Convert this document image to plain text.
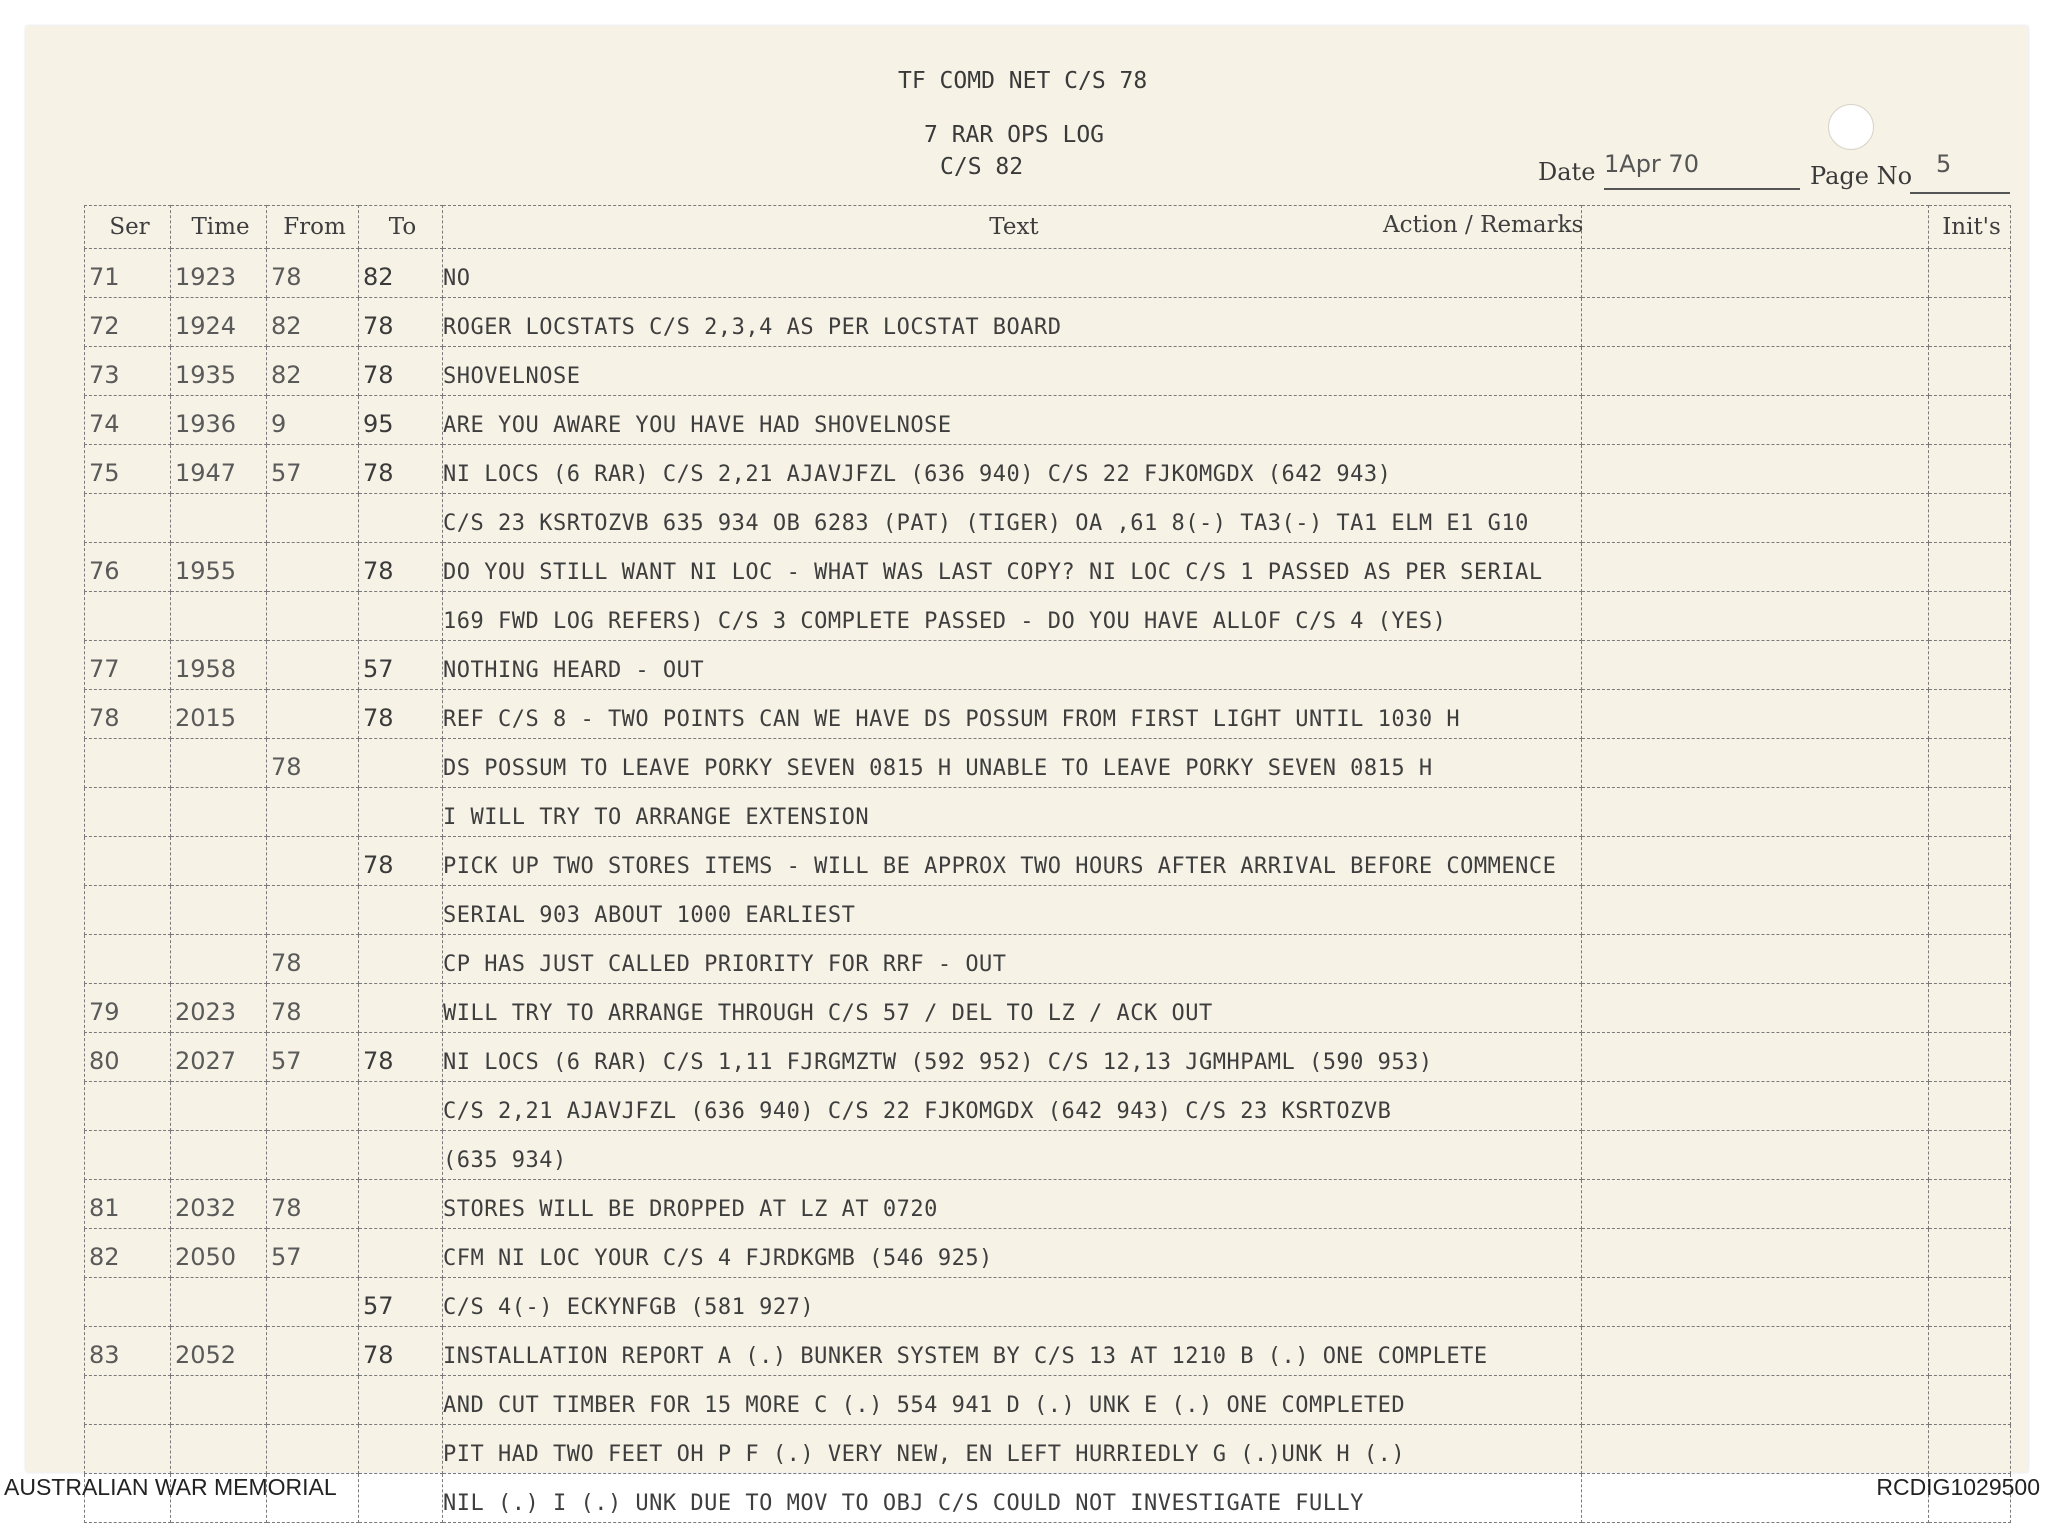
TF COMD NET C/S 78
7 RAR OPS LOG
C/S 82	Date 1Apr 70	Page No 5
Ser	Time	From	To	Text Action / Remarks		Init's
71	1923	78	82	NO		
72	1924	82	78	ROGER LOCSTATS C/S 2,3,4 AS PER LOCSTAT BOARD		
73	1935	82	78	SHOVELNOSE		
74	1936	9	95	ARE YOU AWARE YOU HAVE HAD SHOVELNOSE		
75	1947	57	78	NI LOCS (6 RAR) C/S 2,21 AJAVJFZL (636 940) C/S 22 FJKOMGDX (642 943)		
				C/S 23 KSRTOZVB 635 934 OB 6283 (PAT) (TIGER) OA ,61 8(-) TA3(-) TA1 ELM E1 G10		
76	1955		78	DO YOU STILL WANT NI LOC - WHAT WAS LAST COPY? NI LOC C/S 1 PASSED AS PER SERIAL		
				169 FWD LOG REFERS) C/S 3 COMPLETE PASSED - DO YOU HAVE ALLOF C/S 4 (YES)		
77	1958		57	NOTHING HEARD - OUT		
78	2015		78	REF C/S 8 - TWO POINTS CAN WE HAVE DS POSSUM FROM FIRST LIGHT UNTIL 1030 H		
		78		DS POSSUM TO LEAVE PORKY SEVEN 0815 H UNABLE TO LEAVE PORKY SEVEN 0815 H		
				I WILL TRY TO ARRANGE EXTENSION		
			78	PICK UP TWO STORES ITEMS - WILL BE APPROX TWO HOURS AFTER ARRIVAL BEFORE COMMENCE		
				SERIAL 903 ABOUT 1000 EARLIEST		
		78		CP HAS JUST CALLED PRIORITY FOR RRF - OUT		
79	2023	78		WILL TRY TO ARRANGE THROUGH C/S 57 / DEL TO LZ / ACK OUT		
80	2027	57	78	NI LOCS (6 RAR) C/S 1,11 FJRGMZTW (592 952) C/S 12,13 JGMHPAML (590 953)		
				C/S 2,21 AJAVJFZL (636 940) C/S 22 FJKOMGDX (642 943) C/S 23 KSRTOZVB		
				(635 934)		
81	2032	78		STORES WILL BE DROPPED AT LZ AT 0720		
82	2050	57		CFM NI LOC YOUR C/S 4 FJRDKGMB (546 925)		
			57	C/S 4(-) ECKYNFGB (581 927)		
83	2052		78	INSTALLATION REPORT A (.) BUNKER SYSTEM BY C/S 13 AT 1210 B (.) ONE COMPLETE		
				AND CUT TIMBER FOR 15 MORE C (.) 554 941 D (.) UNK E (.) ONE COMPLETED		
				PIT HAD TWO FEET OH P F (.) VERY NEW, EN LEFT HURRIEDLY G (.)UNK H (.)		
				NIL (.) I (.) UNK DUE TO MOV TO OBJ C/S COULD NOT INVESTIGATE FULLY		
AUSTRALIAN WAR MEMORIAL	RCDIG1029500
